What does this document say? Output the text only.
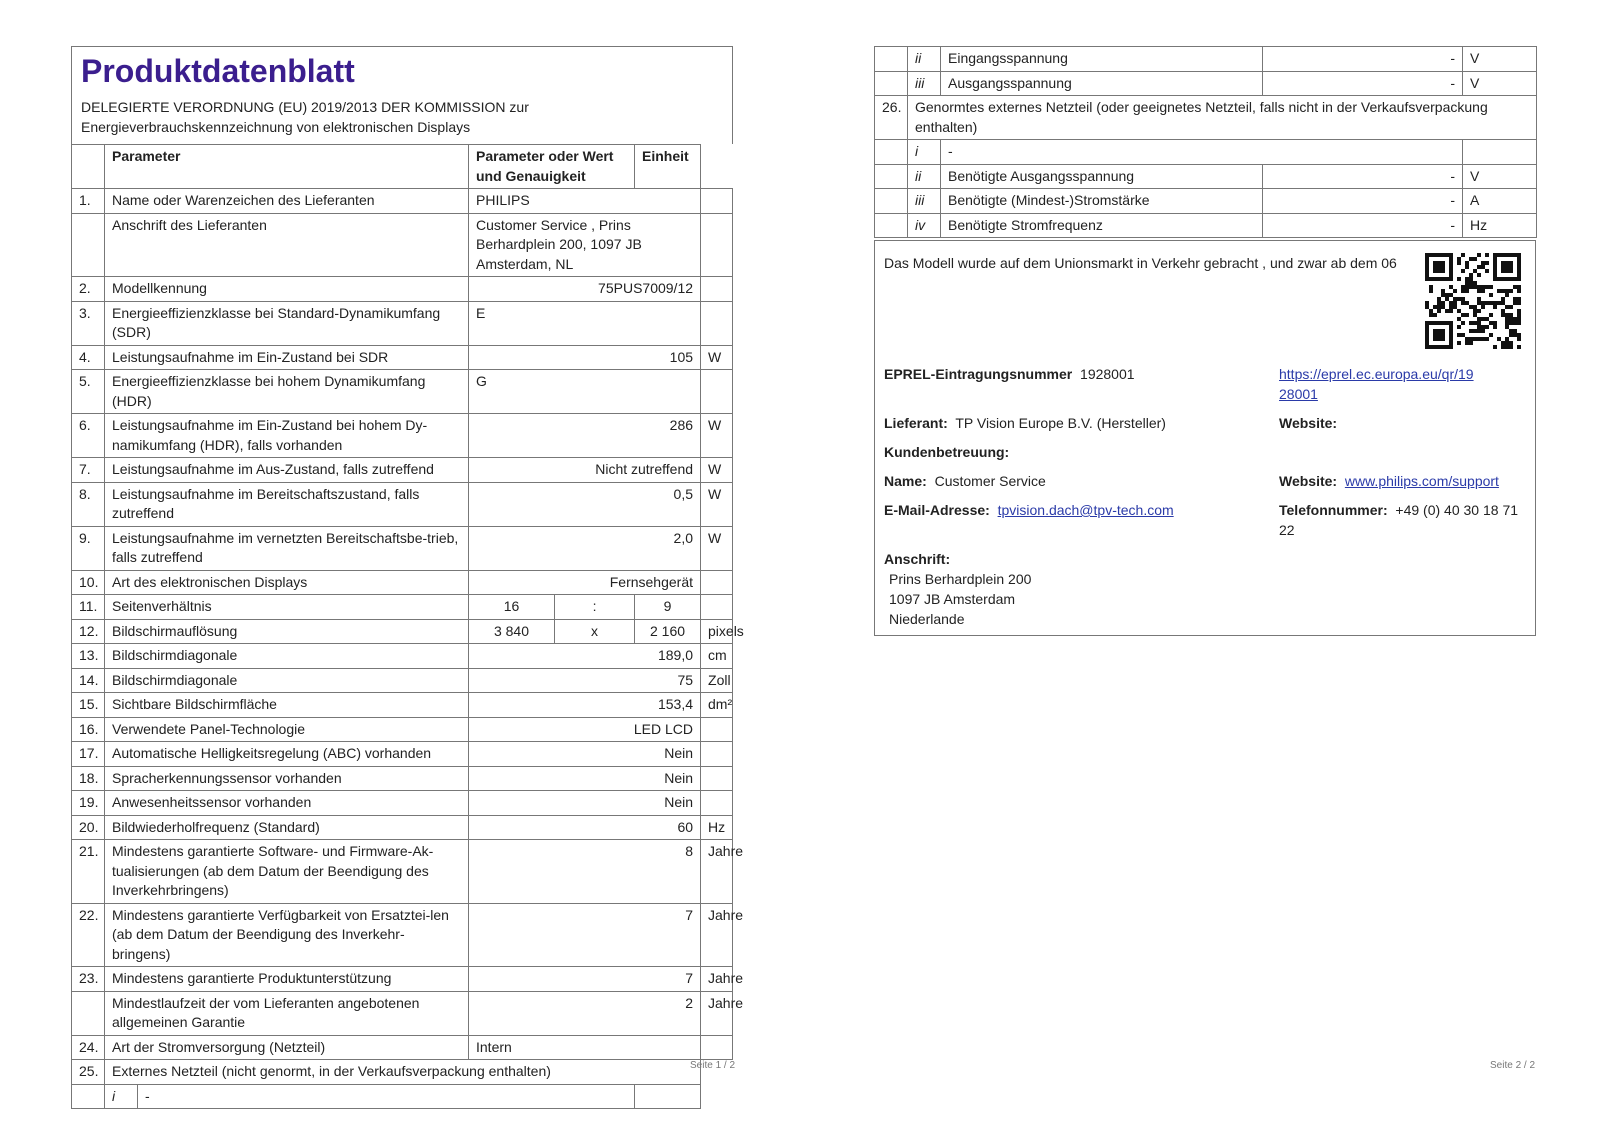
Produktdatenblatt
DELEGIERTE VERORDNUNG (EU) 2019/2013 DER KOMMISSION zur
Energieverbrauchskennzeichnung von elektronischen Displays
	Parameter	Parameter oder Wert und Genauigkeit	Einheit
1.	Name oder Warenzeichen des Lieferanten	PHILIPS	
	Anschrift des Lieferanten	Customer Service , Prins Berhardplein 200, 1097 JB Amsterdam, NL	
2.	Modellkennung	75PUS7009/12	
3.	Energieeffizienzklasse bei Standard-Dynamikumfang (SDR)	E	
4.	Leistungsaufnahme im Ein-Zustand bei SDR	105	W
5.	Energieeffizienzklasse bei hohem Dynamikumfang (HDR)	G	
6.	Leistungsaufnahme im Ein-Zustand bei hohem Dy-namikumfang (HDR), falls vorhanden	286	W
7.	Leistungsaufnahme im Aus-Zustand, falls zutreffend	Nicht zutreffend	W
8.	Leistungsaufnahme im Bereitschaftszustand, falls zutreffend	0,5	W
9.	Leistungsaufnahme im vernetzten Bereitschaftsbe-trieb, falls zutreffend	2,0	W
10.	Art des elektronischen Displays	Fernsehgerät	
11.	Seitenverhältnis	16	:	9	
12.	Bildschirmauflösung	3 840	x	2 160	pixels
13.	Bildschirmdiagonale	189,0	cm
14.	Bildschirmdiagonale	75	Zoll
15.	Sichtbare Bildschirmfläche	153,4	dm²
16.	Verwendete Panel-Technologie	LED LCD	
17.	Automatische Helligkeitsregelung (ABC) vorhanden	Nein	
18.	Spracherkennungssensor vorhanden	Nein	
19.	Anwesenheitssensor vorhanden	Nein	
20.	Bildwiederholfrequenz (Standard)	60	Hz
21.	Mindestens garantierte Software- und Firmware-Ak-tualisierungen (ab dem Datum der Beendigung des Inverkehrbringens)	8	Jahre
22.	Mindestens garantierte Verfügbarkeit von Ersatztei-len (ab dem Datum der Beendigung des Inverkehr-bringens)	7	Jahre
23.	Mindestens garantierte Produktunterstützung	7	Jahre
	Mindestlaufzeit der vom Lieferanten angebotenen allgemeinen Garantie	2	Jahre
24.	Art der Stromversorgung (Netzteil)	Intern	
25.	Externes Netzteil (nicht genormt, in der Verkaufsverpackung enthalten)

i	-

Seite 1 / 2
	ii	Eingangsspannung	-	V
	iii	Ausgangsspannung	-	V
26.	Genormtes externes Netzteil (oder geeignetes Netzteil, falls nicht in der Verkaufsverpackung enthalten)			
	i	-		
	ii	Benötigte Ausgangsspannung	-	V
	iii	Benötigte (Mindest-)Stromstärke	-	A
	iv	Benötigte Stromfrequenz	-	Hz
Das Modell wurde auf dem Unionsmarkt in Verkehr gebracht , und zwar ab dem 06
EPREL-Eintragungsnummer 1928001	https://eprel.ec.europa.eu/qr/19
28001
Lieferant: TP Vision Europe B.V. (Hersteller)	Website:
Kundenbetreuung:
Name: Customer Service	Website: www.philips.com/support
E-Mail-Adresse: tpvision.dach@tpv-tech.com	Telefonnummer: +49 (0) 40 30 18 71
22
Anschrift:
Prins Berhardplein 200
1097 JB Amsterdam
Niederlande
Seite 2 / 2
